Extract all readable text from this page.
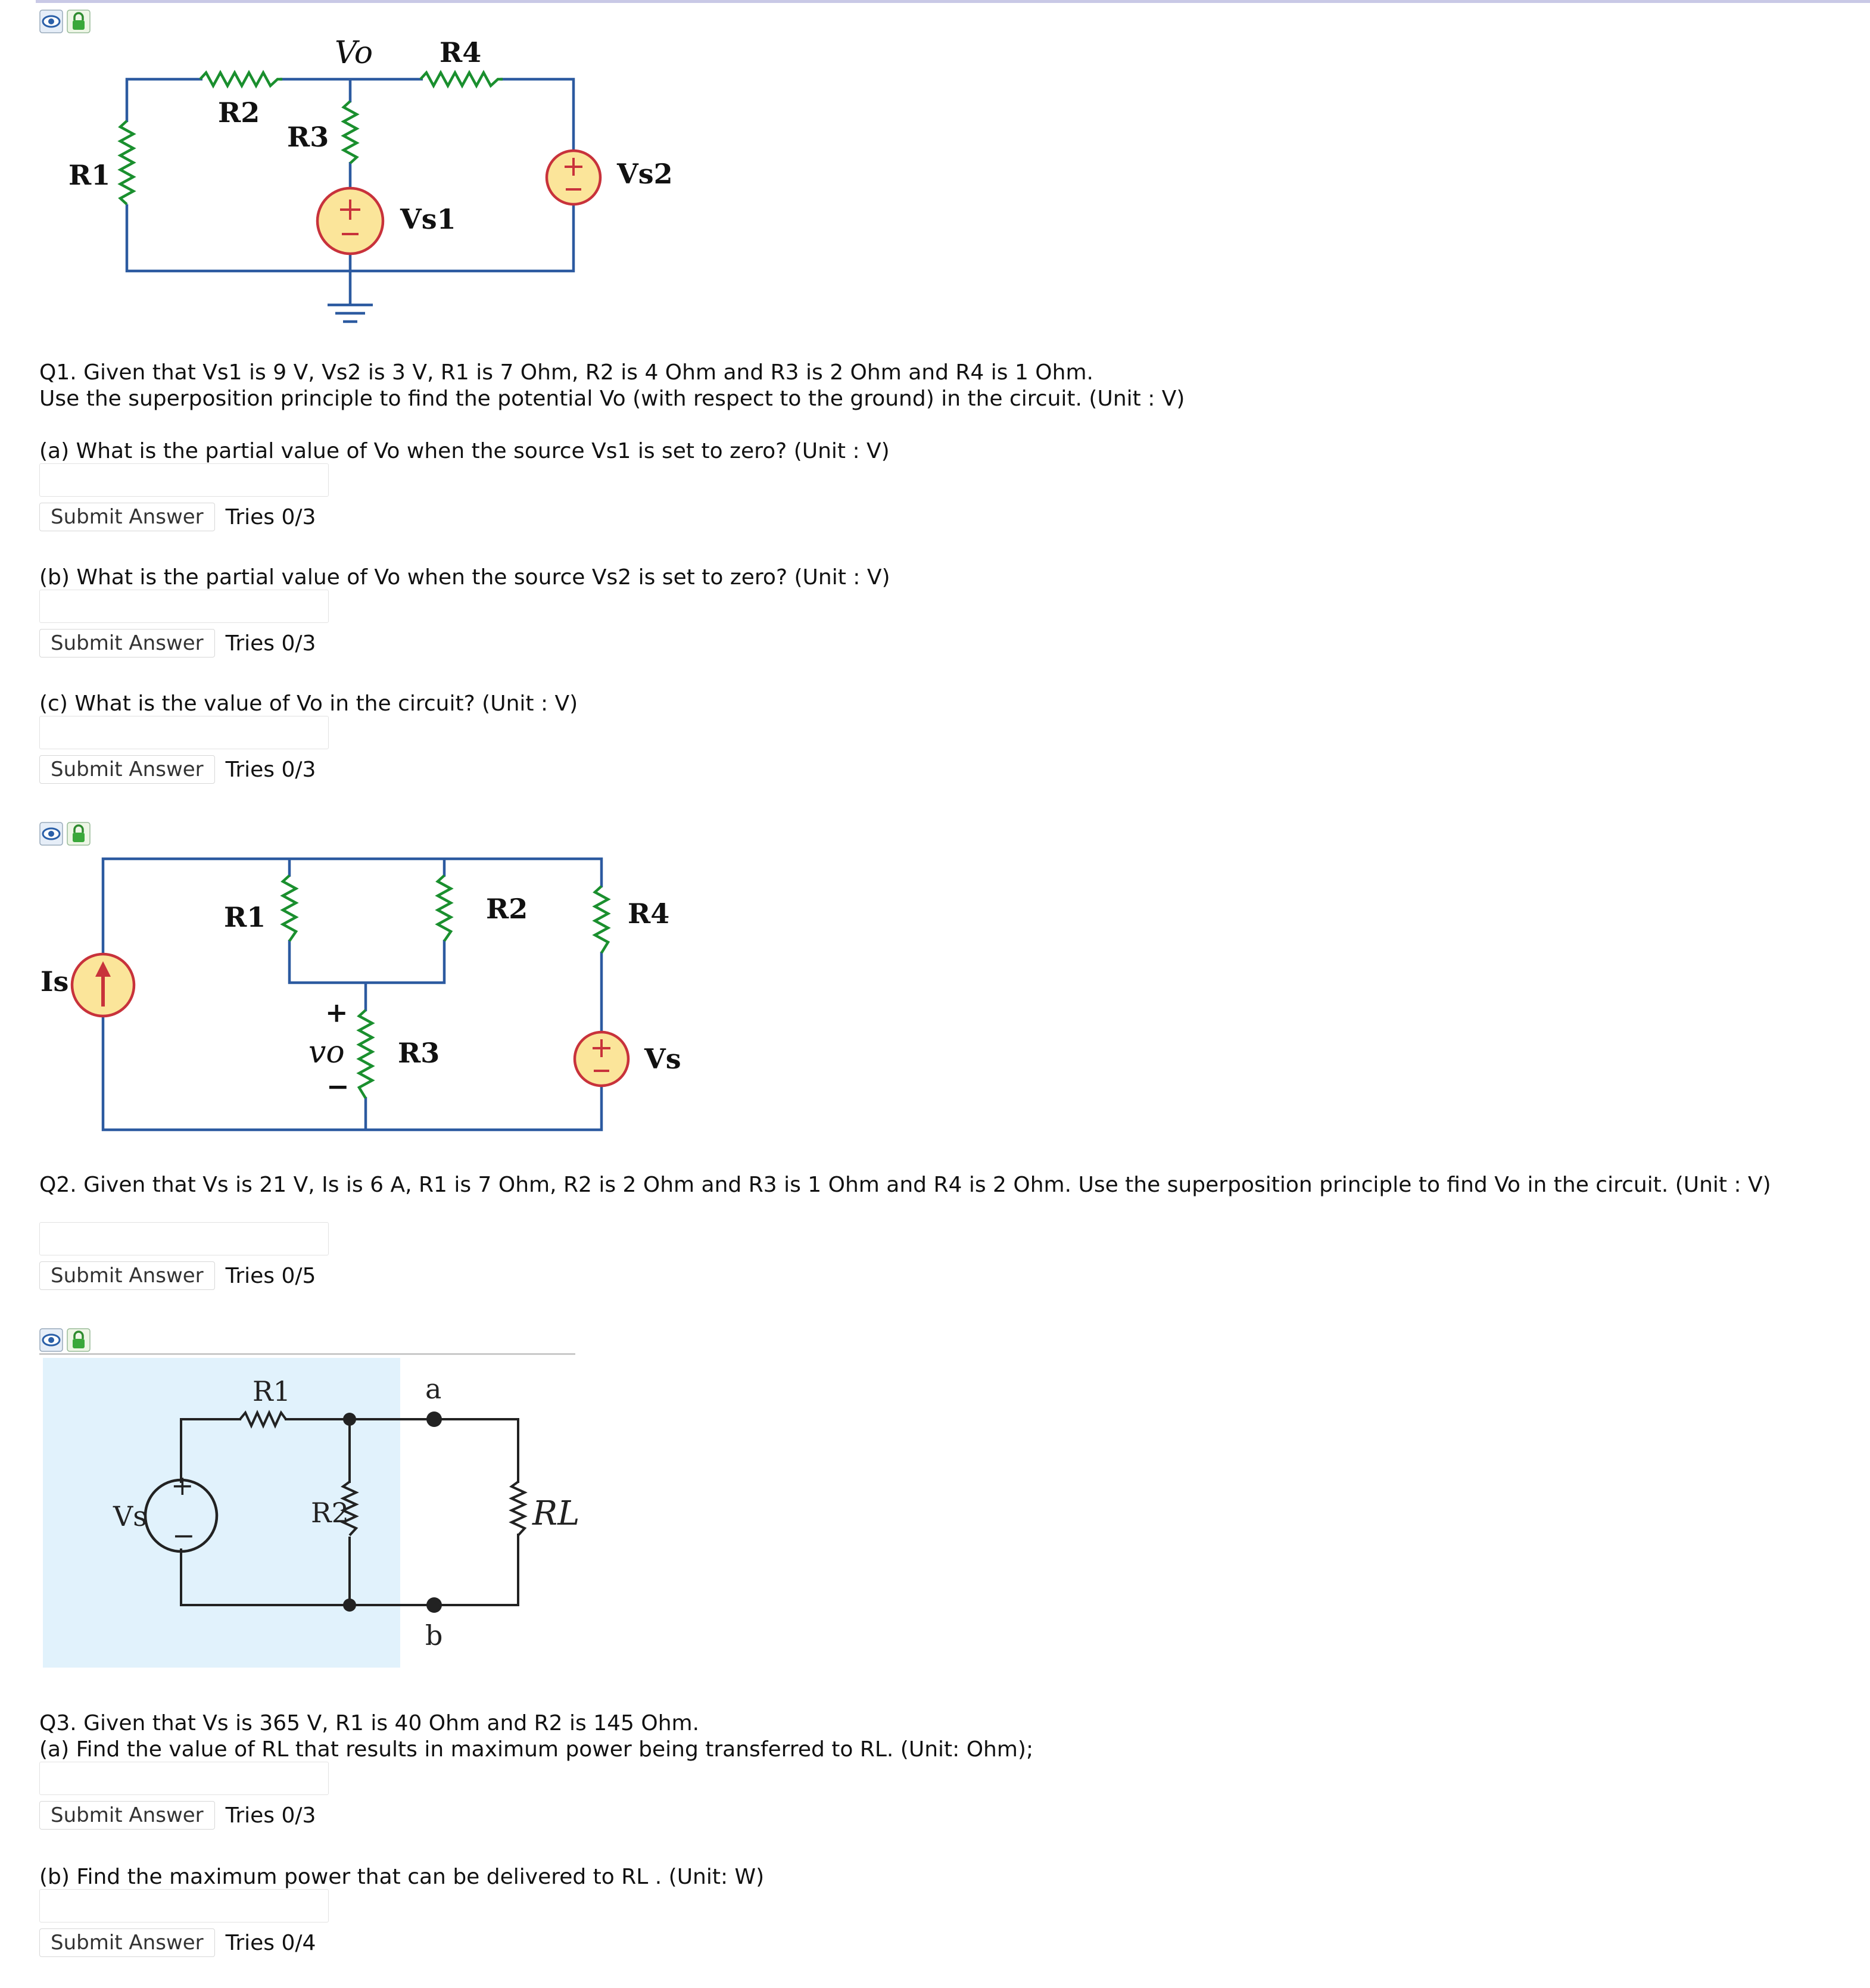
Vo R4
R2
R3
R1
Vs1
Vs2
Q1. Given that Vs1 is 9 V, Vs2 is 3 V, R1 is 7 Ohm, R2 is 4 Ohm and R3 is 2 Ohm and R4 is 1 Ohm.
Use the superposition principle to find the potential Vo (with respect to the ground) in the circuit. (Unit : V)
(a) What is the partial value of Vo when the source Vs1 is set to zero? (Unit : V)
Submit Answer	Tries 0/3
(b) What is the partial value of Vo when the source Vs2 is set to zero? (Unit : V)
Submit Answer	Tries 0/3
(c) What is the value of Vo in the circuit? (Unit : V)
Submit Answer	Tries 0/3
R1	R2	R4
Is
+
vo
−
R3	Vs
Q2. Given that Vs is 21 V, Is is 6 A, R1 is 7 Ohm, R2 is 2 Ohm and R3 is 1 Ohm and R4 is 2 Ohm. Use the superposition principle to find Vo in the circuit. (Unit : V)
Submit Answer	Tries 0/5
R1	a
Vs
+
−
R2	RL
b
Q3. Given that Vs is 365 V, R1 is 40 Ohm and R2 is 145 Ohm.
(a) Find the value of RL that results in maximum power being transferred to RL. (Unit: Ohm);
Submit Answer	Tries 0/3
(b) Find the maximum power that can be delivered to RL . (Unit: W)
Submit Answer	Tries 0/4
